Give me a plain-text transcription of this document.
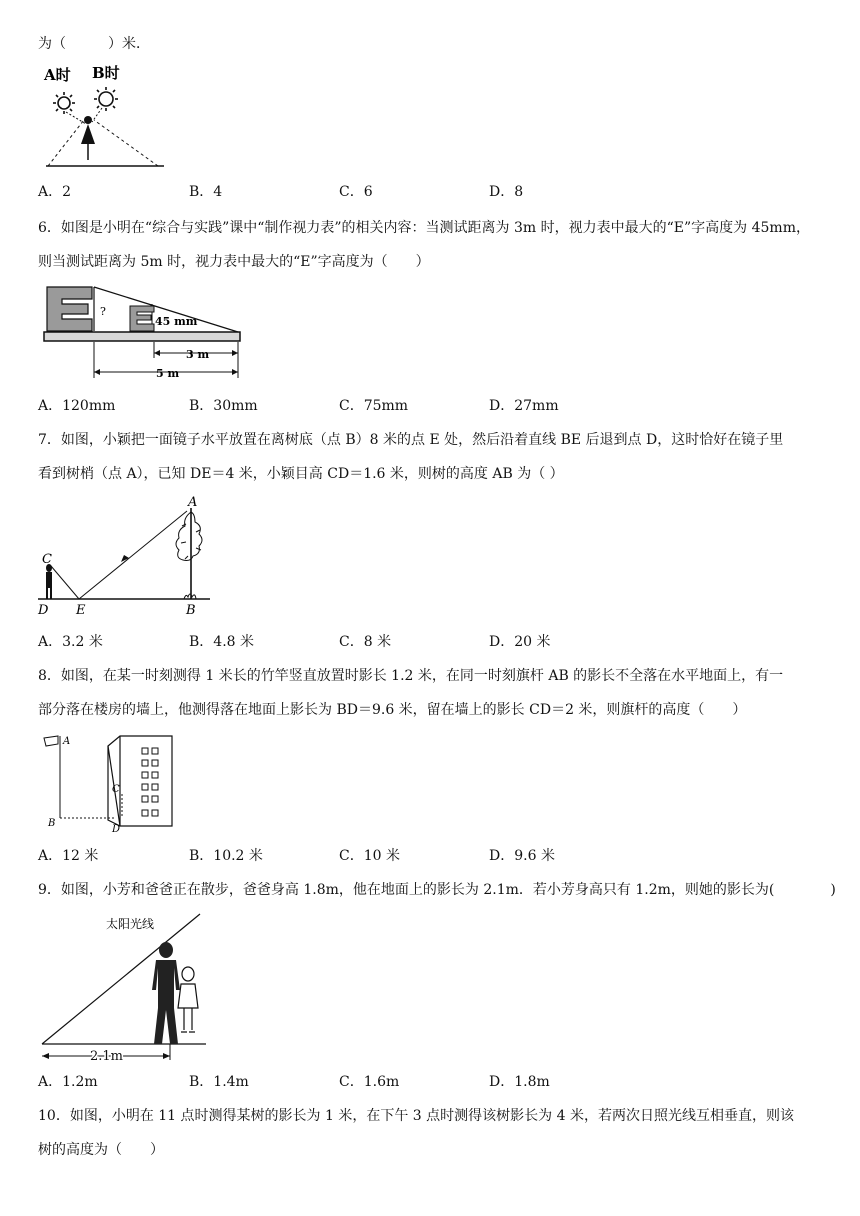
为（　　　）米．
A时 B时
A．2	B．4	C．6	D．8
6．如图是小明在“综合与实践”课中“制作视力表”的相关内容：当测试距离为 3m 时，视力表中最大的“E”字高度为 45mm，
则当测试距离为 5m 时，视力表中最大的“E”字高度为（　　）
?
45 mm
3 m
5 m
A．120mm	B．30mm	C．75mm	D．27mm
7．如图，小颖把一面镜子水平放置在离树底（点 B）8 米的点 E 处，然后沿着直线 BE 后退到点 D，这时恰好在镜子里
看到树梢（点 A），已知 DE＝4 米，小颖目高 CD＝1.6 米，则树的高度 AB 为（ ）
A
B
C
D E
A．3.2 米	B．4.8 米	C．8 米	D．20 米
8．如图，在某一时刻测得 1 米长的竹竿竖直放置时影长 1.2 米，在同一时刻旗杆 AB 的影长不全落在水平地面上，有一
部分落在楼房的墙上，他测得落在地面上影长为 BD＝9.6 米，留在墙上的影长 CD＝2 米，则旗杆的高度（　　）
A
B
C
D
A．12 米	B．10.2 米	C．10 米	D．9.6 米
9．如图，小芳和爸爸正在散步，爸爸身高 1.8m，他在地面上的影长为 2.1m．若小芳身高只有 1.2m，则她的影长为(　　　　)
太阳光线
2.1m
A．1.2m	B．1.4m	C．1.6m	D．1.8m
10．如图，小明在 11 点时测得某树的影长为 1 米，在下午 3 点时测得该树影长为 4 米，若两次日照光线互相垂直，则该
树的高度为（　　）
